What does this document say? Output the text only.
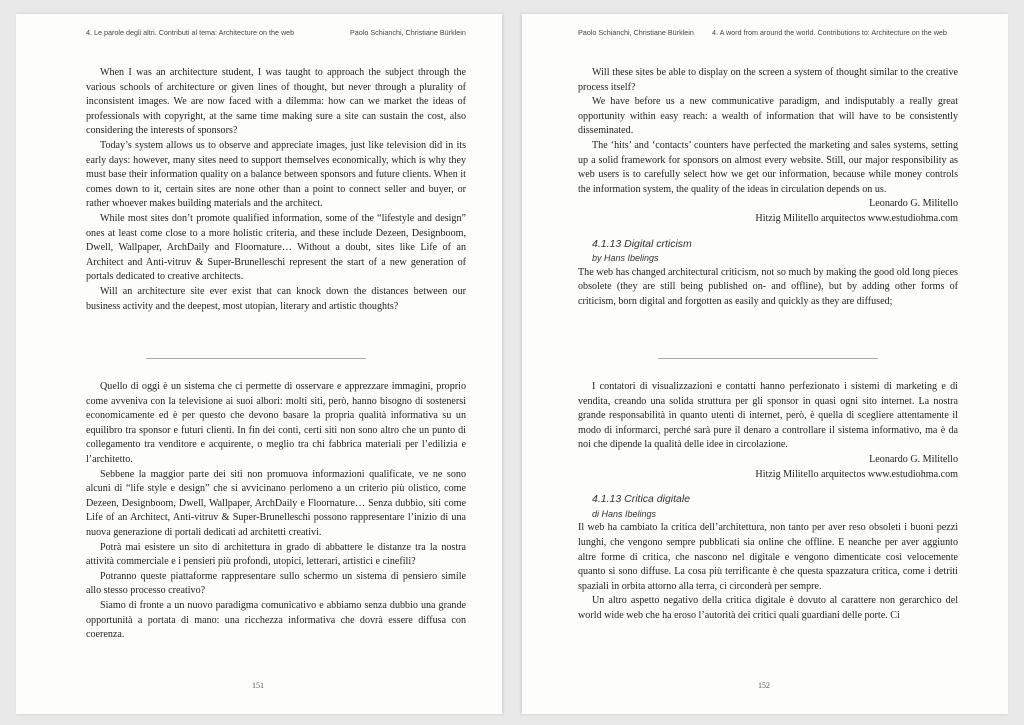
4. Le parole degli altri. Contributi al tema: Architecture on the web	Paolo Schianchi, Christiane Bürklein

When I was an architecture student, I was taught to approach the subject through the various schools of architecture or given lines of thought, but never through a plurality of inconsistent images. We are now faced with a dilemma: how can we market the ideas of professionals with copyright, at the same time making sure a site can sustain the cost, also considering the interests of sponsors?

Today’s system allows us to observe and appreciate images, just like television did in its early days: however, many sites need to support themselves economically, which is why they must base their information quality on a balance between sponsors and future clients. When it comes down to it, certain sites are none other than a point to connect seller and buyer, or rather whoever makes building materials and the architect.

While most sites don’t promote qualified information, some of the “lifestyle and design” ones at least come close to a more holistic criteria, and these include Dezeen, Designboom, Dwell, Wallpaper, ArchDaily and Floornature… Without a doubt, sites like Life of an Architect and Anti-vitruv & Super-Brunelleschi represent the start of a new generation of portals dedicated to creative architects.

Will an architecture site ever exist that can knock down the distances between our business activity and the deepest, most utopian, literary and artistic thoughts?

Quello di oggi è un sistema che ci permette di osservare e apprezzare immagini, proprio come avveniva con la televisione ai suoi albori: molti siti, però, hanno bisogno di sostenersi economicamente ed è per questo che devono basare la propria qualità informativa su un equilibro tra sponsor e futuri clienti. In fin dei conti, certi siti non sono altro che un punto di collegamento tra venditore e acquirente, o meglio tra chi fabbrica materiali per l’edilizia e l’architetto.

Sebbene la maggior parte dei siti non promuova informazioni qualificate, ve ne sono alcuni di “life style e design” che si avvicinano perlomeno a un criterio più olistico, come Dezeen, Designboom, Dwell, Wallpaper, ArchDaily e Floornature… Senza dubbio, siti come Life of an Architect, Anti-vitruv & Super-Brunelleschi possono rappresentare l’inizio di una nuova generazione di portali dedicati ad architetti creativi.

Potrà mai esistere un sito di architettura in grado di abbattere le distanze tra la nostra attività commerciale e i pensieri più profondi, utopici, letterari, artistici e cinefili?

Potranno queste piattaforme rappresentare sullo schermo un sistema di pensiero simile allo stesso processo creativo?

Siamo di fronte a un nuovo paradigma comunicativo e abbiamo senza dubbio una grande opportunità a portata di mano: una ricchezza informativa che dovrà essere diffusa con coerenza.

151
Paolo Schianchi, Christiane Bürklein	4. A word from around the world. Contributions to: Architecture on the web

Will these sites be able to display on the screen a system of thought similar to the creative process itself?

We have before us a new communicative paradigm, and indisputably a really great opportunity within easy reach: a wealth of information that will have to be consistently disseminated.

The ‘hits’ and ‘contacts’ counters have perfected the marketing and sales systems, setting up a solid framework for sponsors on almost every website. Still, our major responsibility as web users is to carefully select how we get our information, because while money controls the information system, the quality of the ideas in circulation depends on us.

Leonardo G. Militello

Hitzig Militello arquitectos www.estudiohma.com

4.1.13 Digital crticism

by Hans Ibelings

The web has changed architectural criticism, not so much by making the good old long pieces obsolete (they are still being published on- and offline), but by adding other forms of criticism, born digital and forgotten as easily and quickly as they are diffused;

I contatori di visualizzazioni e contatti hanno perfezionato i sistemi di marketing e di vendita, creando una solida struttura per gli sponsor in quasi ogni sito internet. La nostra grande responsabilità in quanto utenti di internet, però, è quella di scegliere attentamente il modo di informarci, perché sarà pure il denaro a controllare il sistema informativo, ma è da noi che dipende la qualità delle idee in circolazione.

Leonardo G. Militello

Hitzig Militello arquitectos www.estudiohma.com

4.1.13 Critica digitale

di Hans Ibelings

Il web ha cambiato la critica dell’architettura, non tanto per aver reso obsoleti i buoni pezzi lunghi, che vengono sempre pubblicati sia online che offline. E neanche per aver aggiunto altre forme di critica, che nascono nel digitale e vengono dimenticate così velocemente quanto si sono diffuse. La cosa più terrificante è che questa spazzatura critica, come i detriti spaziali in orbita attorno alla terra, ci circonderà per sempre.

Un altro aspetto negativo della critica digitale è dovuto al carattere non gerarchico del world wide web che ha eroso l’autorità dei critici quali guardiani delle porte. Ci

152
